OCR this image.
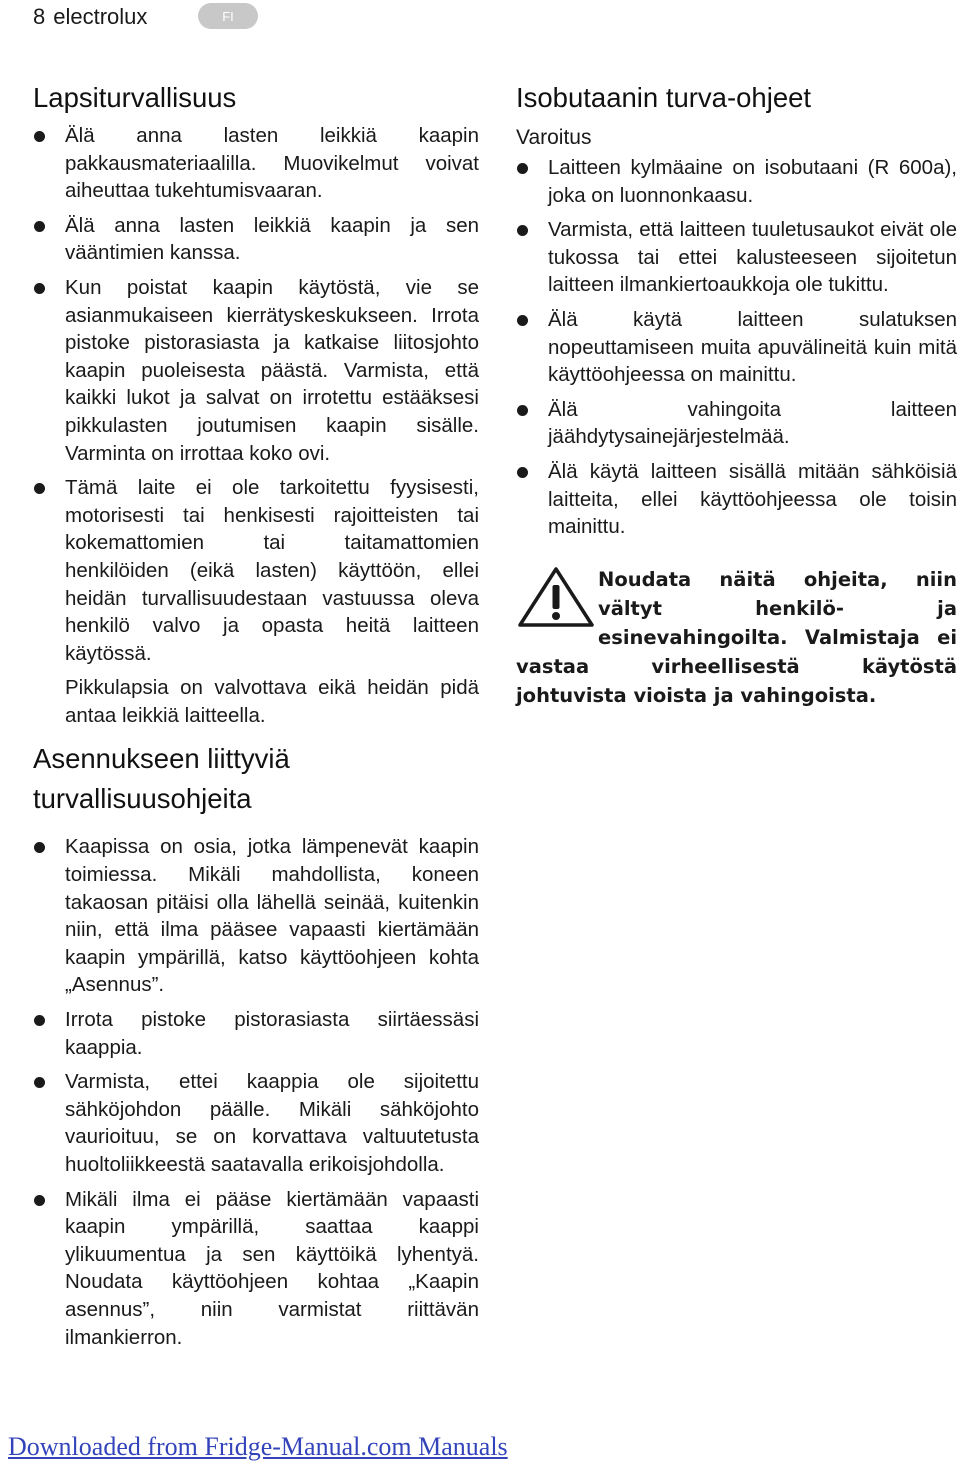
8 electrolux	FI
Lapsiturvallisuus

Älä anna lasten leikkiä kaapin pakkausmateriaalilla. Muovikelmut voivat aiheuttaa tukehtumisvaaran.

Älä anna lasten leikkiä kaapin ja sen vääntimien kanssa.

Kun poistat kaapin käytöstä, vie se asianmukaiseen kierrätyskeskukseen. Irrota pistoke pistorasiasta ja katkaise liitosjohto kaapin puoleisesta päästä. Varmista, että kaikki lukot ja salvat on irrotettu estääksesi pikkulasten joutumisen kaapin sisälle. Varminta on irrottaa koko ovi.

Tämä laite ei ole tarkoitettu fyysisesti, motorisesti tai henkisesti rajoitteisten tai kokemattomien tai taitamattomien henkilöiden (eikä lasten) käyttöön, ellei heidän turvallisuudestaan vastuussa oleva henkilö valvo ja opasta heitä laitteen käytössä.

Pikkulapsia on valvottava eikä heidän pidä antaa leikkiä laitteella.

Asennukseen liittyviä
turvallisuusohjeita

Kaapissa on osia, jotka lämpenevät kaapin toimiessa. Mikäli mahdollista, koneen takaosan pitäisi olla lähellä seinää, kuitenkin niin, että ilma pääsee vapaasti kiertämään kaapin ympärillä, katso käyttöohjeen kohta „Asennus”.

Irrota pistoke pistorasiasta siirtäessäsi kaappia.

Varmista, ettei kaappia ole sijoitettu sähköjohdon päälle. Mikäli sähköjohto vaurioituu, se on korvattava valtuutetusta huoltoliikkeestä saatavalla erikoisjohdolla.

Mikäli ilma ei pääse kiertämään vapaasti kaapin ympärillä, saattaa kaappi ylikuumentua ja sen käyttöikä lyhentyä. Noudata käyttöohjeen kohtaa „Kaapin asennus”, niin varmistat riittävän ilmankierron.

Isobutaanin turva-ohjeet
Varoitus

Laitteen kylmäaine on isobutaani (R 600a), joka on luonnonkaasu.

Varmista, että laitteen tuuletusaukot eivät ole tukossa tai ettei kalusteeseen sijoitetun laitteen ilmankiertoaukkoja ole tukittu.

Älä käytä laitteen sulatuksen nopeuttamiseen muita apuvälineitä kuin mitä käyttöohjeessa on mainittu.

Älä vahingoita laitteen jäähdytysainejärjestelmää.

Älä käytä laitteen sisällä mitään sähköisiä laitteita, ellei käyttöohjeessa ole toisin mainittu.

Noudata näitä ohjeita, niin vältyt henkilö- ja esinevahingoilta. Valmistaja ei vastaa virheellisestä käytöstä johtuvista vioista ja vahingoista.
Downloaded from Fridge-Manual.com Manuals
